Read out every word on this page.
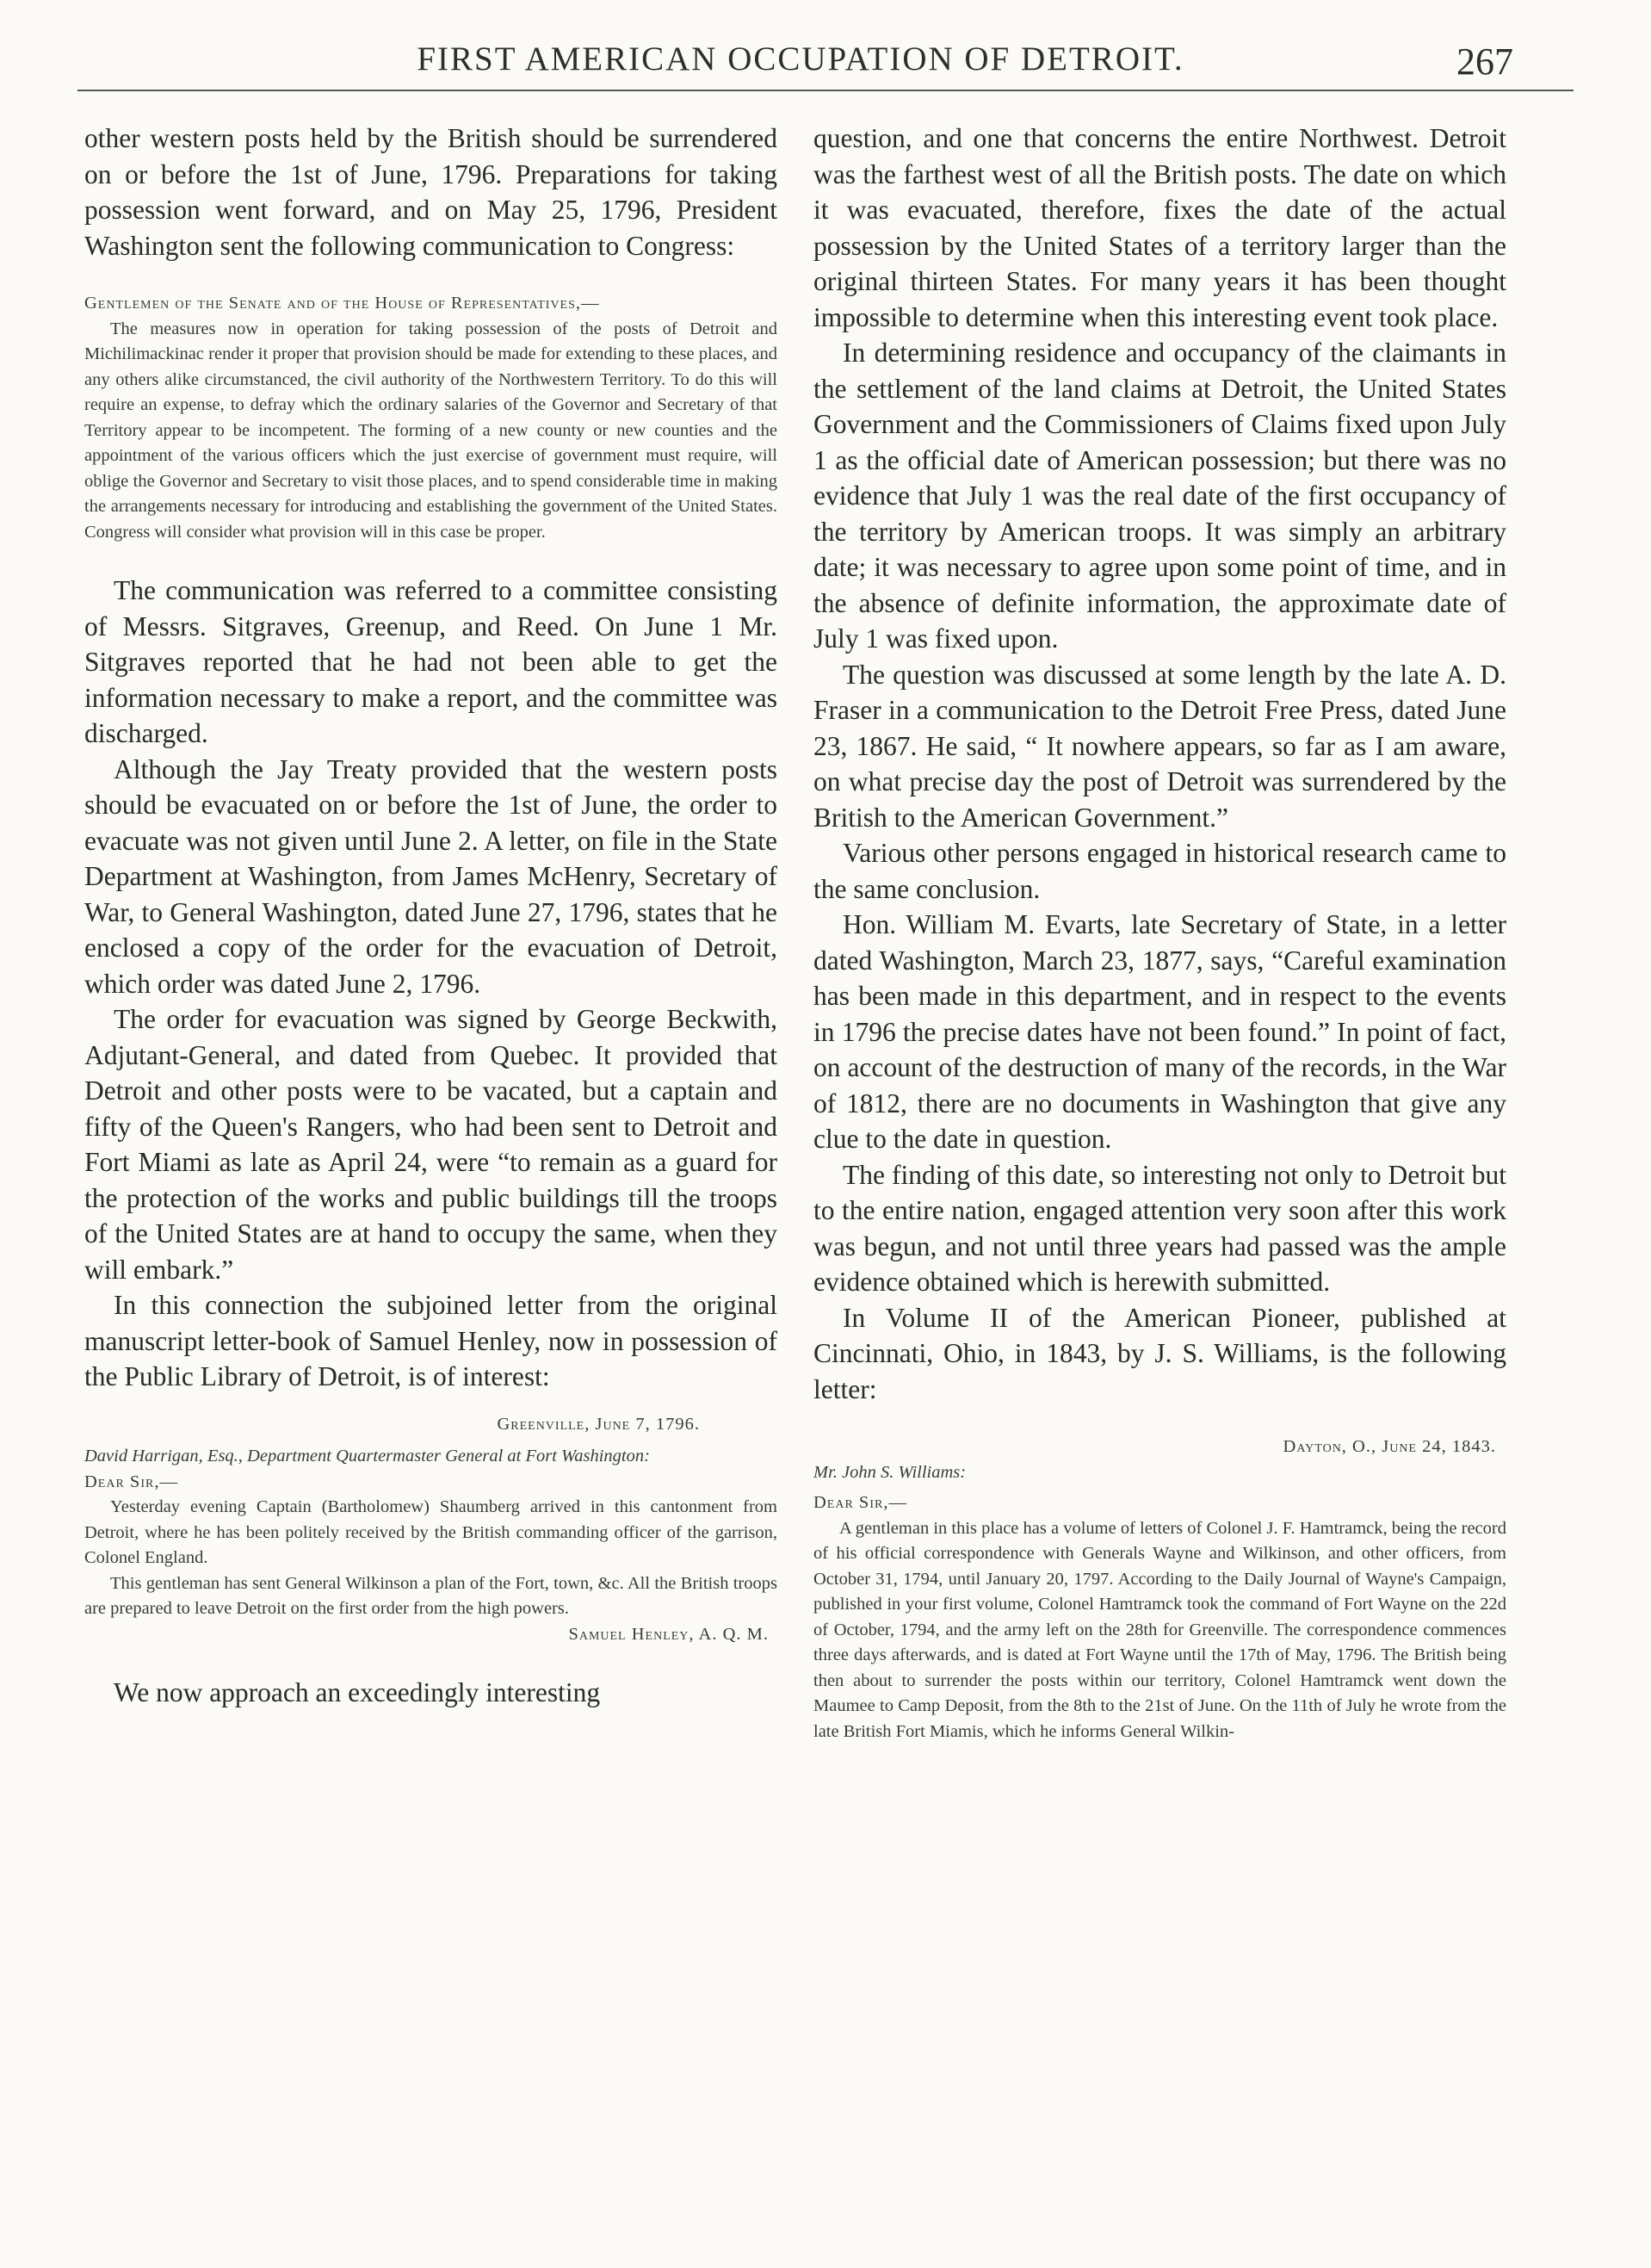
FIRST AMERICAN OCCUPATION OF DETROIT.	267

other western posts held by the British should be surrendered on or before the 1st of June, 1796. Preparations for taking possession went forward, and on May 25, 1796, President Washington sent the following communication to Congress:

Gentlemen of the Senate and of the House of Representatives,—

The measures now in operation for taking possession of the posts of Detroit and Michilimackinac render it proper that provision should be made for extending to these places, and any others alike circumstanced, the civil authority of the Northwestern Territory. To do this will require an expense, to defray which the ordinary salaries of the Governor and Secretary of that Territory appear to be incompetent. The forming of a new county or new counties and the appointment of the various officers which the just exercise of government must require, will oblige the Governor and Secretary to visit those places, and to spend considerable time in making the arrangements necessary for introducing and establishing the government of the United States. Congress will consider what provision will in this case be proper.

The communication was referred to a committee consisting of Messrs. Sitgraves, Greenup, and Reed. On June 1 Mr. Sitgraves reported that he had not been able to get the information necessary to make a report, and the committee was discharged.

Although the Jay Treaty provided that the western posts should be evacuated on or before the 1st of June, the order to evacuate was not given until June 2. A letter, on file in the State Department at Washington, from James McHenry, Secretary of War, to General Washington, dated June 27, 1796, states that he enclosed a copy of the order for the evacuation of Detroit, which order was dated June 2, 1796.

The order for evacuation was signed by George Beckwith, Adjutant-General, and dated from Quebec. It provided that Detroit and other posts were to be vacated, but a captain and fifty of the Queen's Rangers, who had been sent to Detroit and Fort Miami as late as April 24, were “to remain as a guard for the protection of the works and public buildings till the troops of the United States are at hand to occupy the same, when they will embark.”

In this connection the subjoined letter from the original manuscript letter-book of Samuel Henley, now in possession of the Public Library of Detroit, is of interest:

Greenville, June 7, 1796.

David Harrigan, Esq., Department Quartermaster General at Fort Washington:

Dear Sir,—

Yesterday evening Captain (Bartholomew) Shaumberg arrived in this cantonment from Detroit, where he has been politely received by the British commanding officer of the garrison, Colonel England.

This gentleman has sent General Wilkinson a plan of the Fort, town, &c. All the British troops are prepared to leave Detroit on the first order from the high powers.

Samuel Henley, A. Q. M.

We now approach an exceedingly interesting

question, and one that concerns the entire Northwest. Detroit was the farthest west of all the British posts. The date on which it was evacuated, therefore, fixes the date of the actual possession by the United States of a territory larger than the original thirteen States. For many years it has been thought impossible to determine when this interesting event took place.

In determining residence and occupancy of the claimants in the settlement of the land claims at Detroit, the United States Government and the Commissioners of Claims fixed upon July 1 as the official date of American possession; but there was no evidence that July 1 was the real date of the first occupancy of the territory by American troops. It was simply an arbitrary date; it was necessary to agree upon some point of time, and in the absence of definite information, the approximate date of July 1 was fixed upon.

The question was discussed at some length by the late A. D. Fraser in a communication to the Detroit Free Press, dated June 23, 1867. He said, “ It nowhere appears, so far as I am aware, on what precise day the post of Detroit was surrendered by the British to the American Government.”

Various other persons engaged in historical research came to the same conclusion.

Hon. William M. Evarts, late Secretary of State, in a letter dated Washington, March 23, 1877, says, “Careful examination has been made in this department, and in respect to the events in 1796 the precise dates have not been found.” In point of fact, on account of the destruction of many of the records, in the War of 1812, there are no documents in Washington that give any clue to the date in question.

The finding of this date, so interesting not only to Detroit but to the entire nation, engaged attention very soon after this work was begun, and not until three years had passed was the ample evidence obtained which is herewith submitted.

In Volume II of the American Pioneer, published at Cincinnati, Ohio, in 1843, by J. S. Williams, is the following letter:

Dayton, O., June 24, 1843.

Mr. John S. Williams:

Dear Sir,—

A gentleman in this place has a volume of letters of Colonel J. F. Hamtramck, being the record of his official correspondence with Generals Wayne and Wilkinson, and other officers, from October 31, 1794, until January 20, 1797. According to the Daily Journal of Wayne's Campaign, published in your first volume, Colonel Hamtramck took the command of Fort Wayne on the 22d of October, 1794, and the army left on the 28th for Greenville. The correspondence commences three days afterwards, and is dated at Fort Wayne until the 17th of May, 1796. The British being then about to surrender the posts within our territory, Colonel Hamtramck went down the Maumee to Camp Deposit, from the 8th to the 21st of June. On the 11th of July he wrote from the late British Fort Miamis, which he informs General Wilkin-
